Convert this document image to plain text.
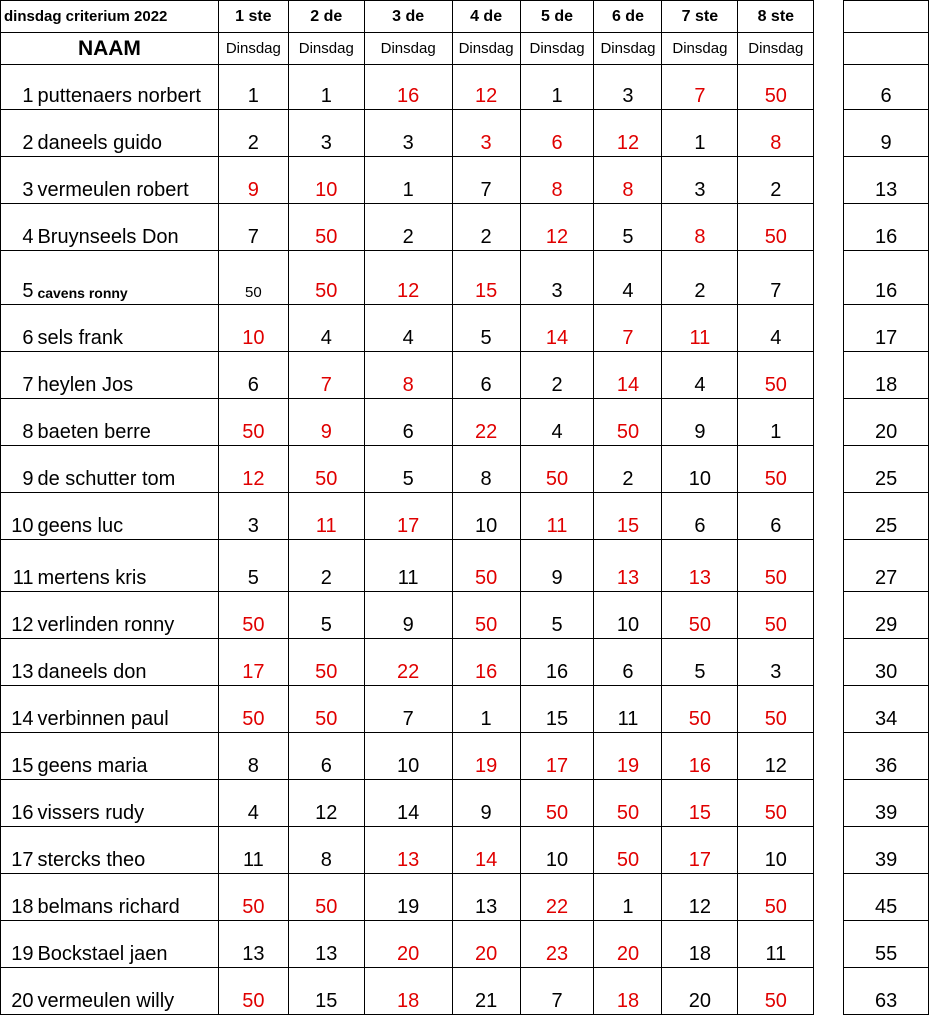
dinsdag criterium 2022		1 ste	2 de	3 de	4 de	5 de	6 de	7 ste	8 ste		
NAAM		Dinsdag	Dinsdag	Dinsdag	Dinsdag	Dinsdag	Dinsdag	Dinsdag	Dinsdag		
1	puttenaers norbert	1	1	16	12	1	3	7	50		6
2	daneels guido	2	3	3	3	6	12	1	8		9
3	vermeulen robert	9	10	1	7	8	8	3	2		13
4	Bruynseels Don	7	50	2	2	12	5	8	50		16
5	cavens ronny	50	50	12	15	3	4	2	7		16
6	sels frank	10	4	4	5	14	7	11	4		17
7	heylen Jos	6	7	8	6	2	14	4	50		18
8	baeten berre	50	9	6	22	4	50	9	1		20
9	de schutter tom	12	50	5	8	50	2	10	50		25
10	geens luc	3	11	17	10	11	15	6	6		25
11	mertens kris	5	2	11	50	9	13	13	50		27
12	verlinden ronny	50	5	9	50	5	10	50	50		29
13	daneels don	17	50	22	16	16	6	5	3		30
14	verbinnen paul	50	50	7	1	15	11	50	50		34
15	geens maria	8	6	10	19	17	19	16	12		36
16	vissers rudy	4	12	14	9	50	50	15	50		39
17	stercks theo	11	8	13	14	10	50	17	10		39
18	belmans richard	50	50	19	13	22	1	12	50		45
19	Bockstael jaen	13	13	20	20	23	20	18	11		55
20	vermeulen willy	50	15	18	21	7	18	20	50		63
